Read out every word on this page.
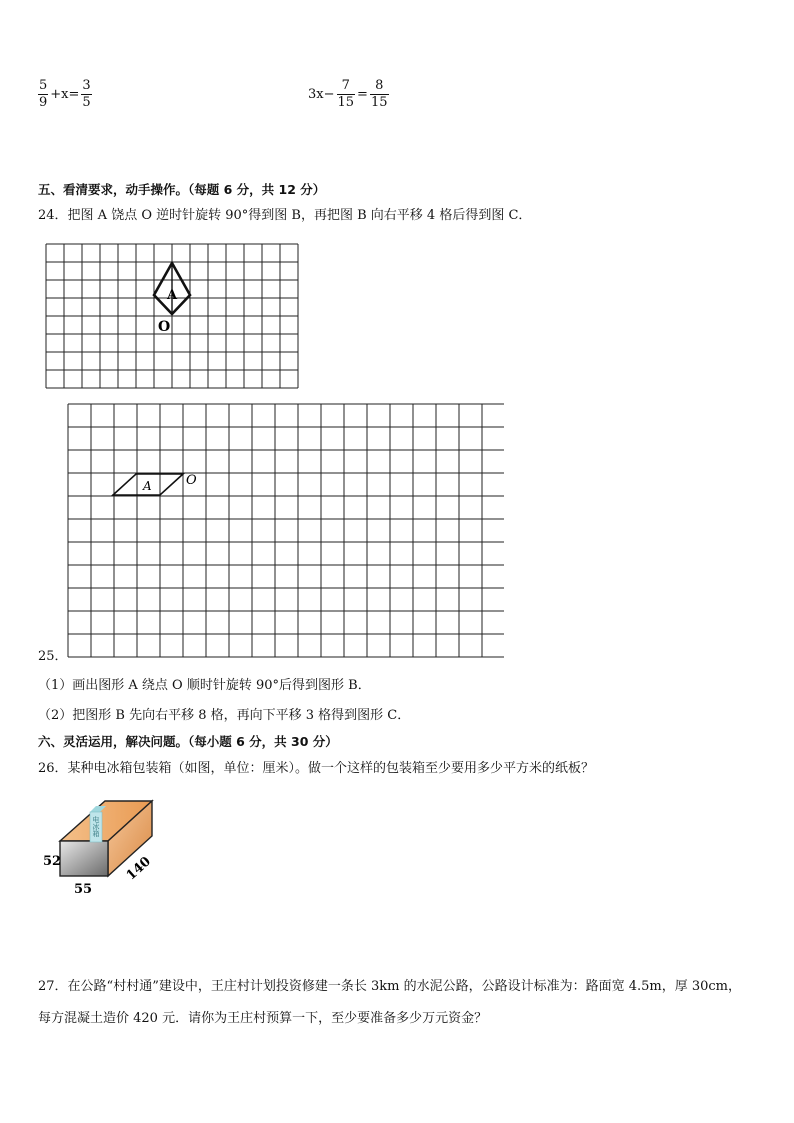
$\frac{5}{9} +x= \frac{3}{5}$	$3x- \frac{7}{15} = \frac{8}{15}$
五、看清要求，动手操作。（每题 6 分，共 12 分）
24．把图 A 饶点 O 逆时针旋转 90°得到图 B，再把图 B 向右平移 4 格后得到图 C．
A
O
25．
A	O
（1）画出图形 A 绕点 O 顺时针旋转 90°后得到图形 B．
（2）把图形 B 先向右平移 8 格，再向下平移 3 格得到图形 C．
六、灵活运用，解决问题。（每小题 6 分，共 30 分）
26．某种电冰箱包装箱（如图，单位：厘米）。做一个这样的包装箱至少要用多少平方米的纸板？
电冰箱
52
55
140
27．在公路“村村通”建设中，王庄村计划投资修建一条长 3km 的水泥公路，公路设计标准为：路面宽 4.5m，厚 30cm，
每方混凝土造价 420 元．请你为王庄村预算一下，至少要准备多少万元资金？
